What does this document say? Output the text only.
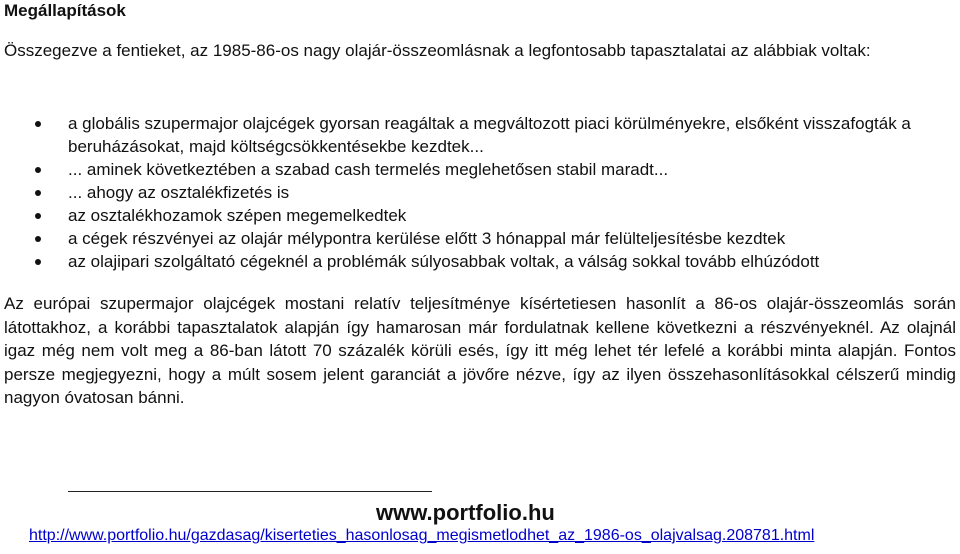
Megállapítások
Összegezve a fentieket, az 1985-86-os nagy olajár-összeomlásnak a legfontosabb tapasztalatai az alábbiak voltak:
a globális szupermajor olajcégek gyorsan reagáltak a megváltozott piaci körülményekre, elsőként visszafogták a beruházásokat, majd költségcsökkentésekbe kezdtek...
... aminek következtében a szabad cash termelés meglehetősen stabil maradt...
... ahogy az osztalékfizetés is
az osztalékhozamok szépen megemelkedtek
a cégek részvényei az olajár mélypontra kerülése előtt 3 hónappal már felülteljesítésbe kezdtek
az olajipari szolgáltató cégeknél a problémák súlyosabbak voltak, a válság sokkal tovább elhúzódott
Az európai szupermajor olajcégek mostani relatív teljesítménye kísértetiesen hasonlít a 86-os olajár-összeomlás során látottakhoz, a korábbi tapasztalatok alapján így hamarosan már fordulatnak kellene következni a részvényeknél. Az olajnál igaz még nem volt meg a 86-ban látott 70 százalék körüli esés, így itt még lehet tér lefelé a korábbi minta alapján. Fontos persze megjegyezni, hogy a múlt sosem jelent garanciát a jövőre nézve, így az ilyen összehasonlításokkal célszerű mindig nagyon óvatosan bánni.
www.portfolio.hu
http://www.portfolio.hu/gazdasag/kiserteties_hasonlosag_megismetlodhet_az_1986-os_olajvalsag.208781.html
